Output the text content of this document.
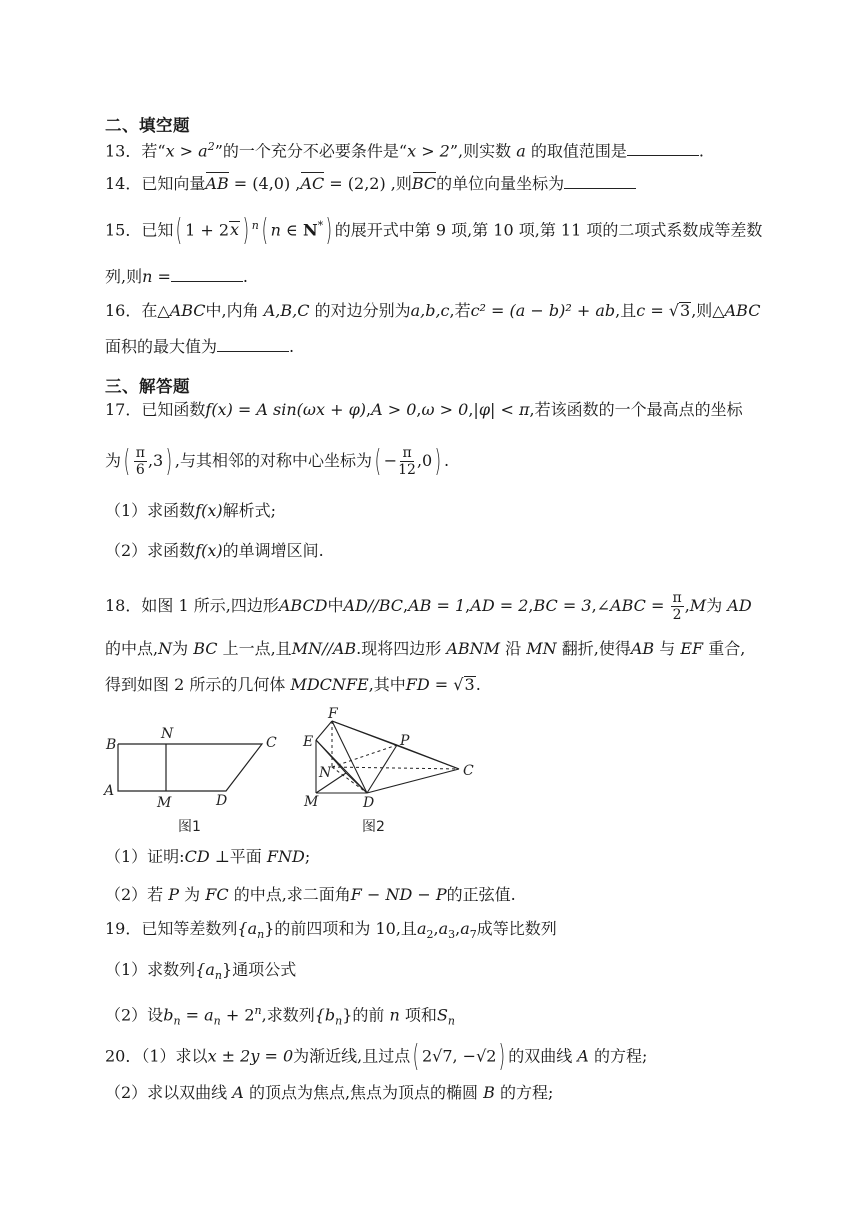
二、填空题
13．若“$x > a^2$”的一个充分不必要条件是“x > 2”,则实数 a 的取值范围是	.
14．已知向量AB = (4,0) ,AC = (2,2) ,则BC的单位向量坐标为
15．已知( 1 + 2x ) $^n$( n ∈ N*) 的展开式中第 9 项,第 10 项,第 11 项的二项式系数成等差数
列,则n =	.
16．在△ABC中,内角 A,B,C 的对边分别为a,b,c,若c² = (a − b)² + ab,且c = √3,则△ABC
面积的最大值为	.
三、解答题
17．已知函数f(x) = A sin(ωx + φ),A > 0,ω > 0,|φ| < π,若该函数的一个最高点的坐标
为( $\frac{\pi}{6} ,3$) ,与其相邻的对称中心坐标为( − $\frac{\pi}{12} ,0$) .
（1）求函数f(x)解析式;
（2）求函数f(x)的单调增区间.
18．如图 1 所示,四边形ABCD中AD//BC,AB = 1,AD = 2,BC = 3,∠ABC = $\frac{\pi}{2} ,M$为 AD
的中点,N为 BC 上一点,且MN//AB.现将四边形 ABNM 沿 MN 翻折,使得AB 与 EF 重合,
得到如图 2 所示的几何体 MDCNFE,其中FD = √3.
B
N
C
A
M	D
图1
F
E	P
N	C
M	D
图2
（1）证明:CD ⊥平面 FND;
（2）若 P 为 FC 的中点,求二面角F − ND − P的正弦值.
19．已知等差数列$\{a_n\}$的前四项和为 10,且$a_2,a_3,a_7$成等比数列
（1）求数列$\{a_n\}$通项公式
（2）设$b_n = a_n + 2^n$,求数列$\{b_n\}$的前 n 项和$S_n$
20．（1）求以x ± 2y = 0为渐近线,且过点( 2√7, −√2) 的双曲线 A 的方程;
（2）求以双曲线 A 的顶点为焦点,焦点为顶点的椭圆 B 的方程;
